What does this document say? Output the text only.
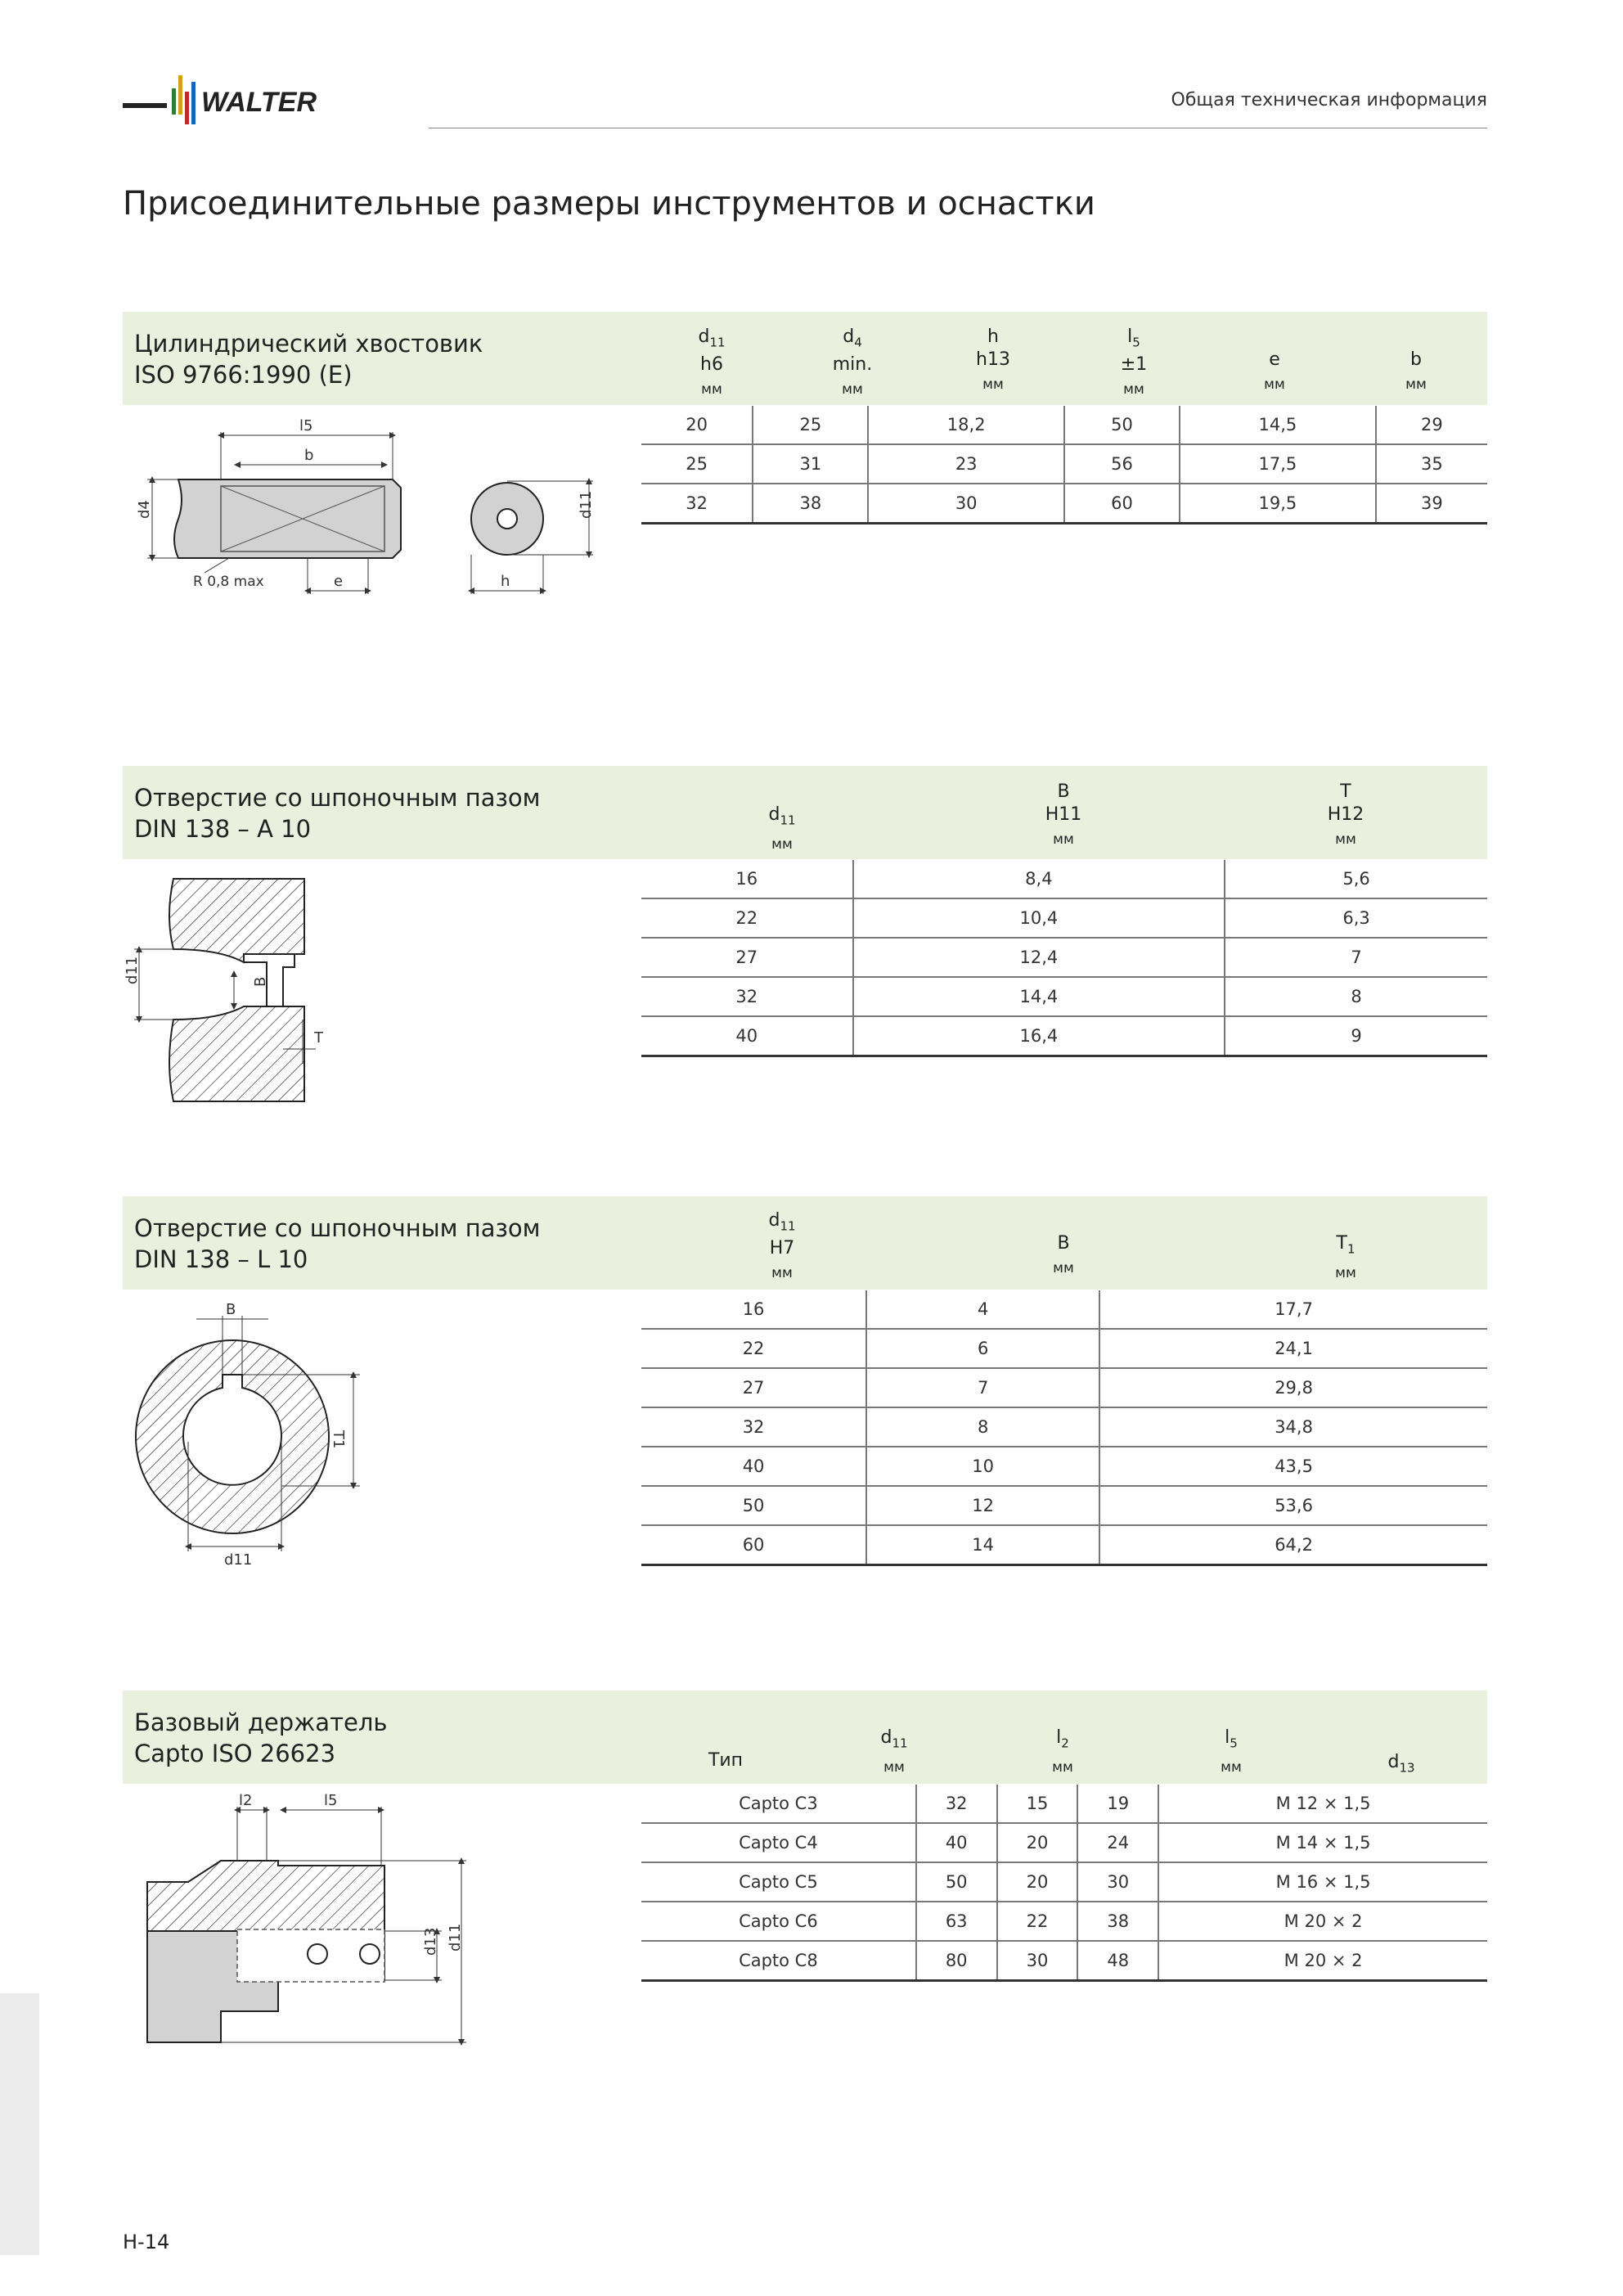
WALTER	Общая техническая информация
Присоединительные размеры инструментов и оснастки
Цилиндрический хвостовик
ISO 9766:1990 (E)
$d_{11}$
h6
мм
$d_4$
min.
мм
h
h13
мм
$l_5$
±1
мм
e
мм
b
мм
20	25	18,2	50	14,5	29
25	31	23	56	17,5	35
32	38	30	60	19,5	39
l5
b
d4
R 0,8 max	e	h
d11
Отверстие со шпоночным пазом
DIN 138 – A 10
$d_{11}$
мм
B
H11
мм
T
H12
мм
16	8,4	5,6
22	10,4	6,3
27	12,4	7
32	14,4	8
40	16,4	9
d11	B
T
Отверстие со шпоночным пазом
DIN 138 – L 10
$d_{11}$
H7
мм
B
мм
$T_1$
мм
16	4	17,7
22	6	24,1
27	7	29,8
32	8	34,8
40	10	43,5
50	12	53,6
60	14	64,2
B
T1
d11
Базовый держатель
Capto ISO 26623	Тип
$d_{11}$
мм
$l_2$
мм
$l_5$
мм	$d_{13}$
Capto C3	32	15	19	M 12 × 1,5
Capto C4	40	20	24	M 14 × 1,5
Capto C5	50	20	30	M 16 × 1,5
Capto C6	63	22	38	M 20 × 2
Capto C8	80	30	48	M 20 × 2
l2	l5
d13 d11
H-14
